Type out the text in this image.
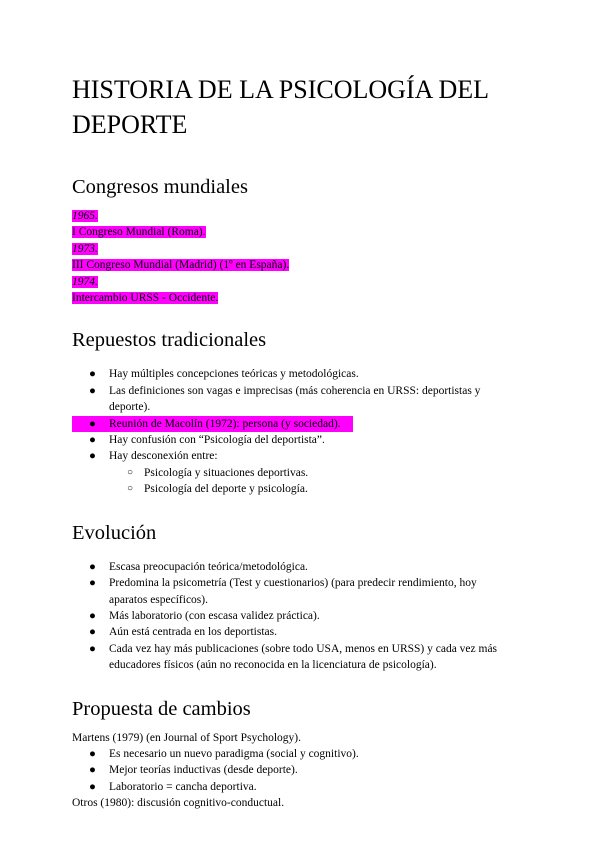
HISTORIA DE LA PSICOLOGÍA DEL DEPORTE
Congresos mundiales
1965.
I Congreso Mundial (Roma).
1973.
III Congreso Mundial (Madrid) (1º en España).
1974.
Intercambio URSS - Occidente.
Repuestos tradicionales
● Hay múltiples concepciones teóricas y metodológicas.
● Las definiciones son vagas e imprecisas (más coherencia en URSS: deportistas y deporte).
● Reunión de Macolín (1972): persona (y sociedad).
● Hay confusión con “Psicología del deportista”.
● Hay desconexión entre:
○ Psicología y situaciones deportivas.
○ Psicología del deporte y psicología.
Evolución
● Escasa preocupación teórica/metodológica.
● Predomina la psicometría (Test y cuestionarios) (para predecir rendimiento, hoy aparatos específicos).
● Más laboratorio (con escasa validez práctica).
● Aún está centrada en los deportistas.
● Cada vez hay más publicaciones (sobre todo USA, menos en URSS) y cada vez más educadores físicos (aún no reconocida en la licenciatura de psicología).
Propuesta de cambios
Martens (1979) (en Journal of Sport Psychology).
● Es necesario un nuevo paradigma (social y cognitivo).
● Mejor teorías inductivas (desde deporte).
● Laboratorio = cancha deportiva.
Otros (1980): discusión cognitivo-conductual.
